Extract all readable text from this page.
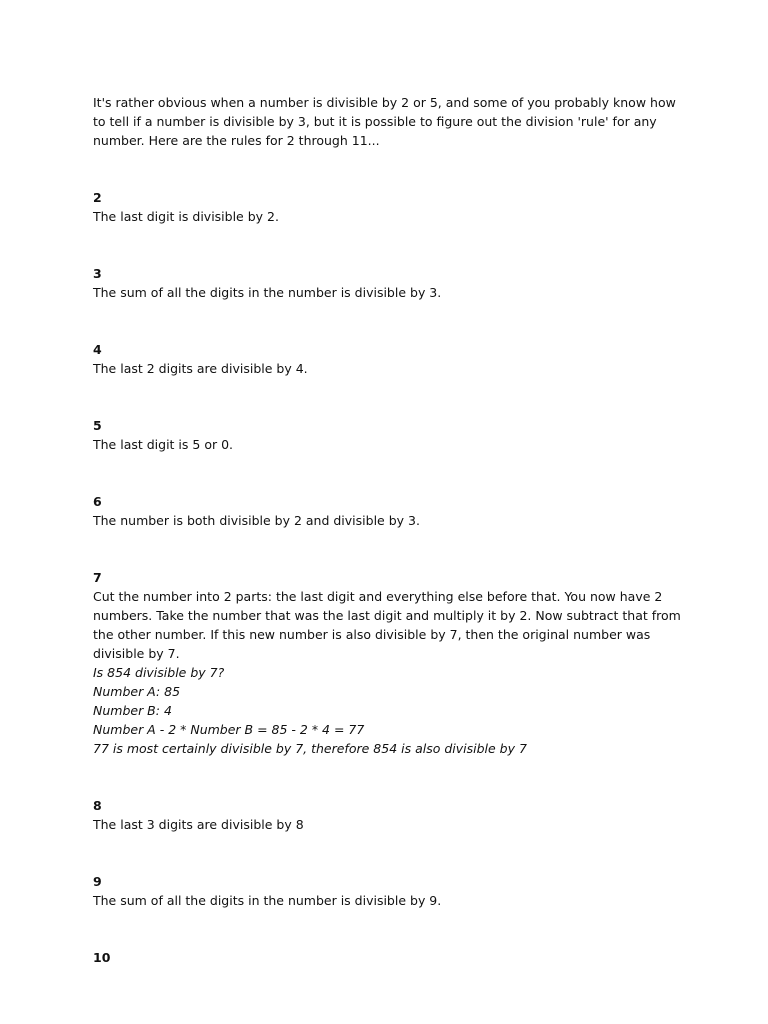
It's rather obvious when a number is divisible by 2 or 5, and some of you probably know how to tell if a number is divisible by 3, but it is possible to figure out the division 'rule' for any number. Here are the rules for 2 through 11...

2

The last digit is divisible by 2.

3

The sum of all the digits in the number is divisible by 3.

4

The last 2 digits are divisible by 4.

5

The last digit is 5 or 0.

6

The number is both divisible by 2 and divisible by 3.

7

Cut the number into 2 parts: the last digit and everything else before that. You now have 2 numbers. Take the number that was the last digit and multiply it by 2. Now subtract that from the other number. If this new number is also divisible by 7, then the original number was divisible by 7.

Is 854 divisible by 7?

Number A: 85

Number B: 4

Number A - 2 * Number B = 85 - 2 * 4 = 77

77 is most certainly divisible by 7, therefore 854 is also divisible by 7

8

The last 3 digits are divisible by 8

9

The sum of all the digits in the number is divisible by 9.

10
